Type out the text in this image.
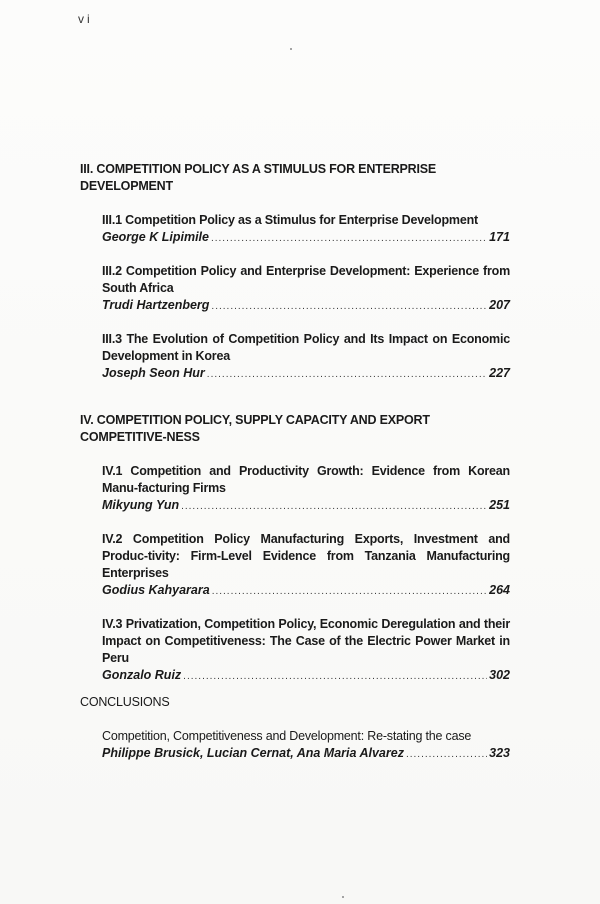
vi

III. COMPETITION POLICY AS A STIMULUS FOR ENTERPRISE DEVELOPMENT

III.1 Competition Policy as a Stimulus for Enterprise Development
George K Lipimile .....	171
III.2 Competition Policy and Enterprise Development: Experience from South Africa
Trudi Hartzenberg .....	207
III.3 The Evolution of Competition Policy and Its Impact on Economic Development in Korea
Joseph Seon Hur .....	227

IV. COMPETITION POLICY, SUPPLY CAPACITY AND EXPORT COMPETITIVE-NESS

IV.1 Competition and Productivity Growth: Evidence from Korean Manu-facturing Firms
Mikyung Yun .....	251
IV.2 Competition Policy Manufacturing Exports, Investment and Produc-tivity: Firm-Level Evidence from Tanzania Manufacturing Enterprises
Godius Kahyarara .....	264
IV.3 Privatization, Competition Policy, Economic Deregulation and their Impact on Competitiveness: The Case of the Electric Power Market in Peru
Gonzalo Ruiz .....	302

CONCLUSIONS

Competition, Competitiveness and Development: Re-stating the case
Philippe Brusick, Lucian Cernat, Ana Maria Alvarez .....	323
